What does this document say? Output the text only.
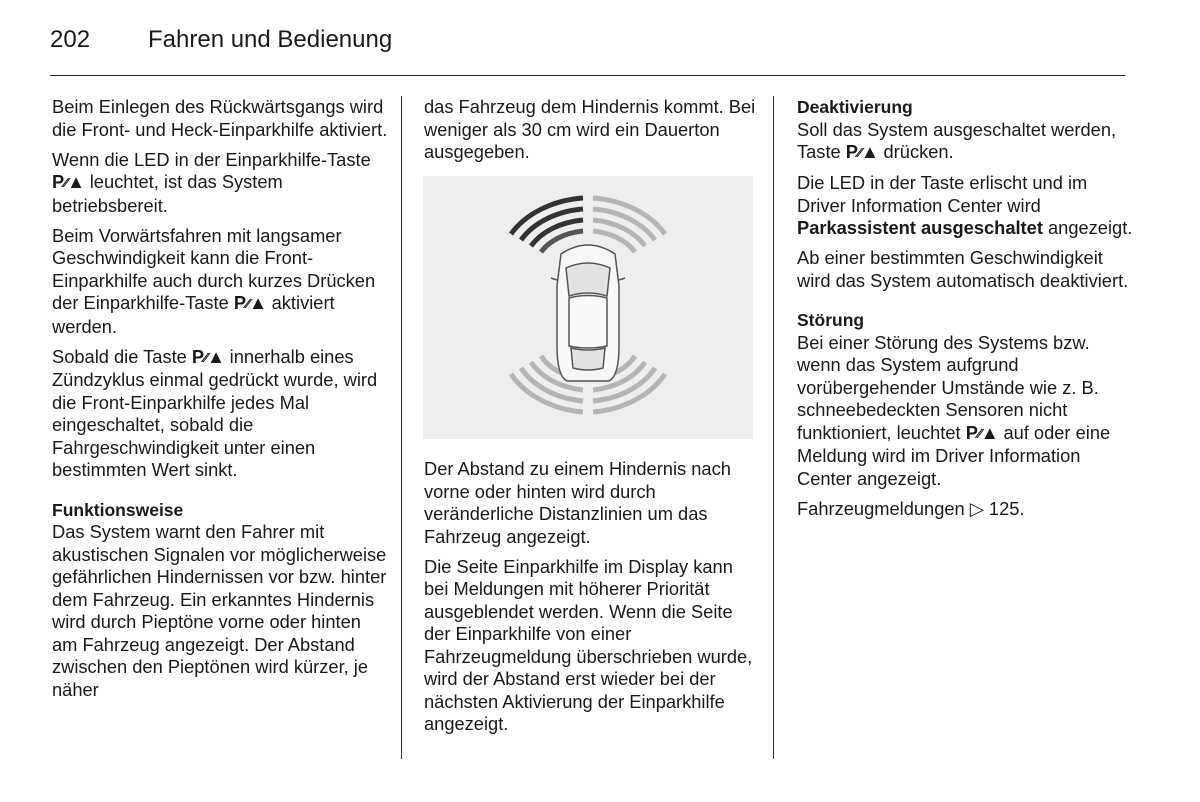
202 Fahren und Bedienung

Beim Einlegen des Rückwärtsgangs wird die Front- und Heck-Einparkhilfe aktiviert.

Wenn die LED in der Einparkhilfe-Taste P∕∕▲ leuchtet, ist das System betriebsbereit.

Beim Vorwärtsfahren mit langsamer Geschwindigkeit kann die Front-Einparkhilfe auch durch kurzes Drücken der Einparkhilfe-Taste P∕∕▲ aktiviert werden.

Sobald die Taste P∕∕▲ innerhalb eines Zündzyklus einmal gedrückt wurde, wird die Front-Einparkhilfe jedes Mal eingeschaltet, sobald die Fahrgeschwindigkeit unter einen bestimmten Wert sinkt.

Funktionsweise

Das System warnt den Fahrer mit akustischen Signalen vor möglicherweise gefährlichen Hindernissen vor bzw. hinter dem Fahrzeug. Ein erkanntes Hindernis wird durch Pieptöne vorne oder hinten am Fahrzeug angezeigt. Der Abstand zwischen den Pieptönen wird kürzer, je näher

das Fahrzeug dem Hindernis kommt. Bei weniger als 30 cm wird ein Dauerton ausgegeben.

Der Abstand zu einem Hindernis nach vorne oder hinten wird durch veränderliche Distanzlinien um das Fahrzeug angezeigt.

Die Seite Einparkhilfe im Display kann bei Meldungen mit höherer Priorität ausgeblendet werden. Wenn die Seite der Einparkhilfe von einer Fahrzeugmeldung überschrieben wurde, wird der Abstand erst wieder bei der nächsten Aktivierung der Einparkhilfe angezeigt.

Deaktivierung

Soll das System ausgeschaltet werden, Taste P∕∕▲ drücken.

Die LED in der Taste erlischt und im Driver Information Center wird Parkassistent ausgeschaltet angezeigt.

Ab einer bestimmten Geschwindigkeit wird das System automatisch deaktiviert.

Störung

Bei einer Störung des Systems bzw. wenn das System aufgrund vorübergehender Umstände wie z. B. schneebedeckten Sensoren nicht funktioniert, leuchtet P∕∕▲ auf oder eine Meldung wird im Driver Information Center angezeigt.

Fahrzeugmeldungen ▷ 125.
